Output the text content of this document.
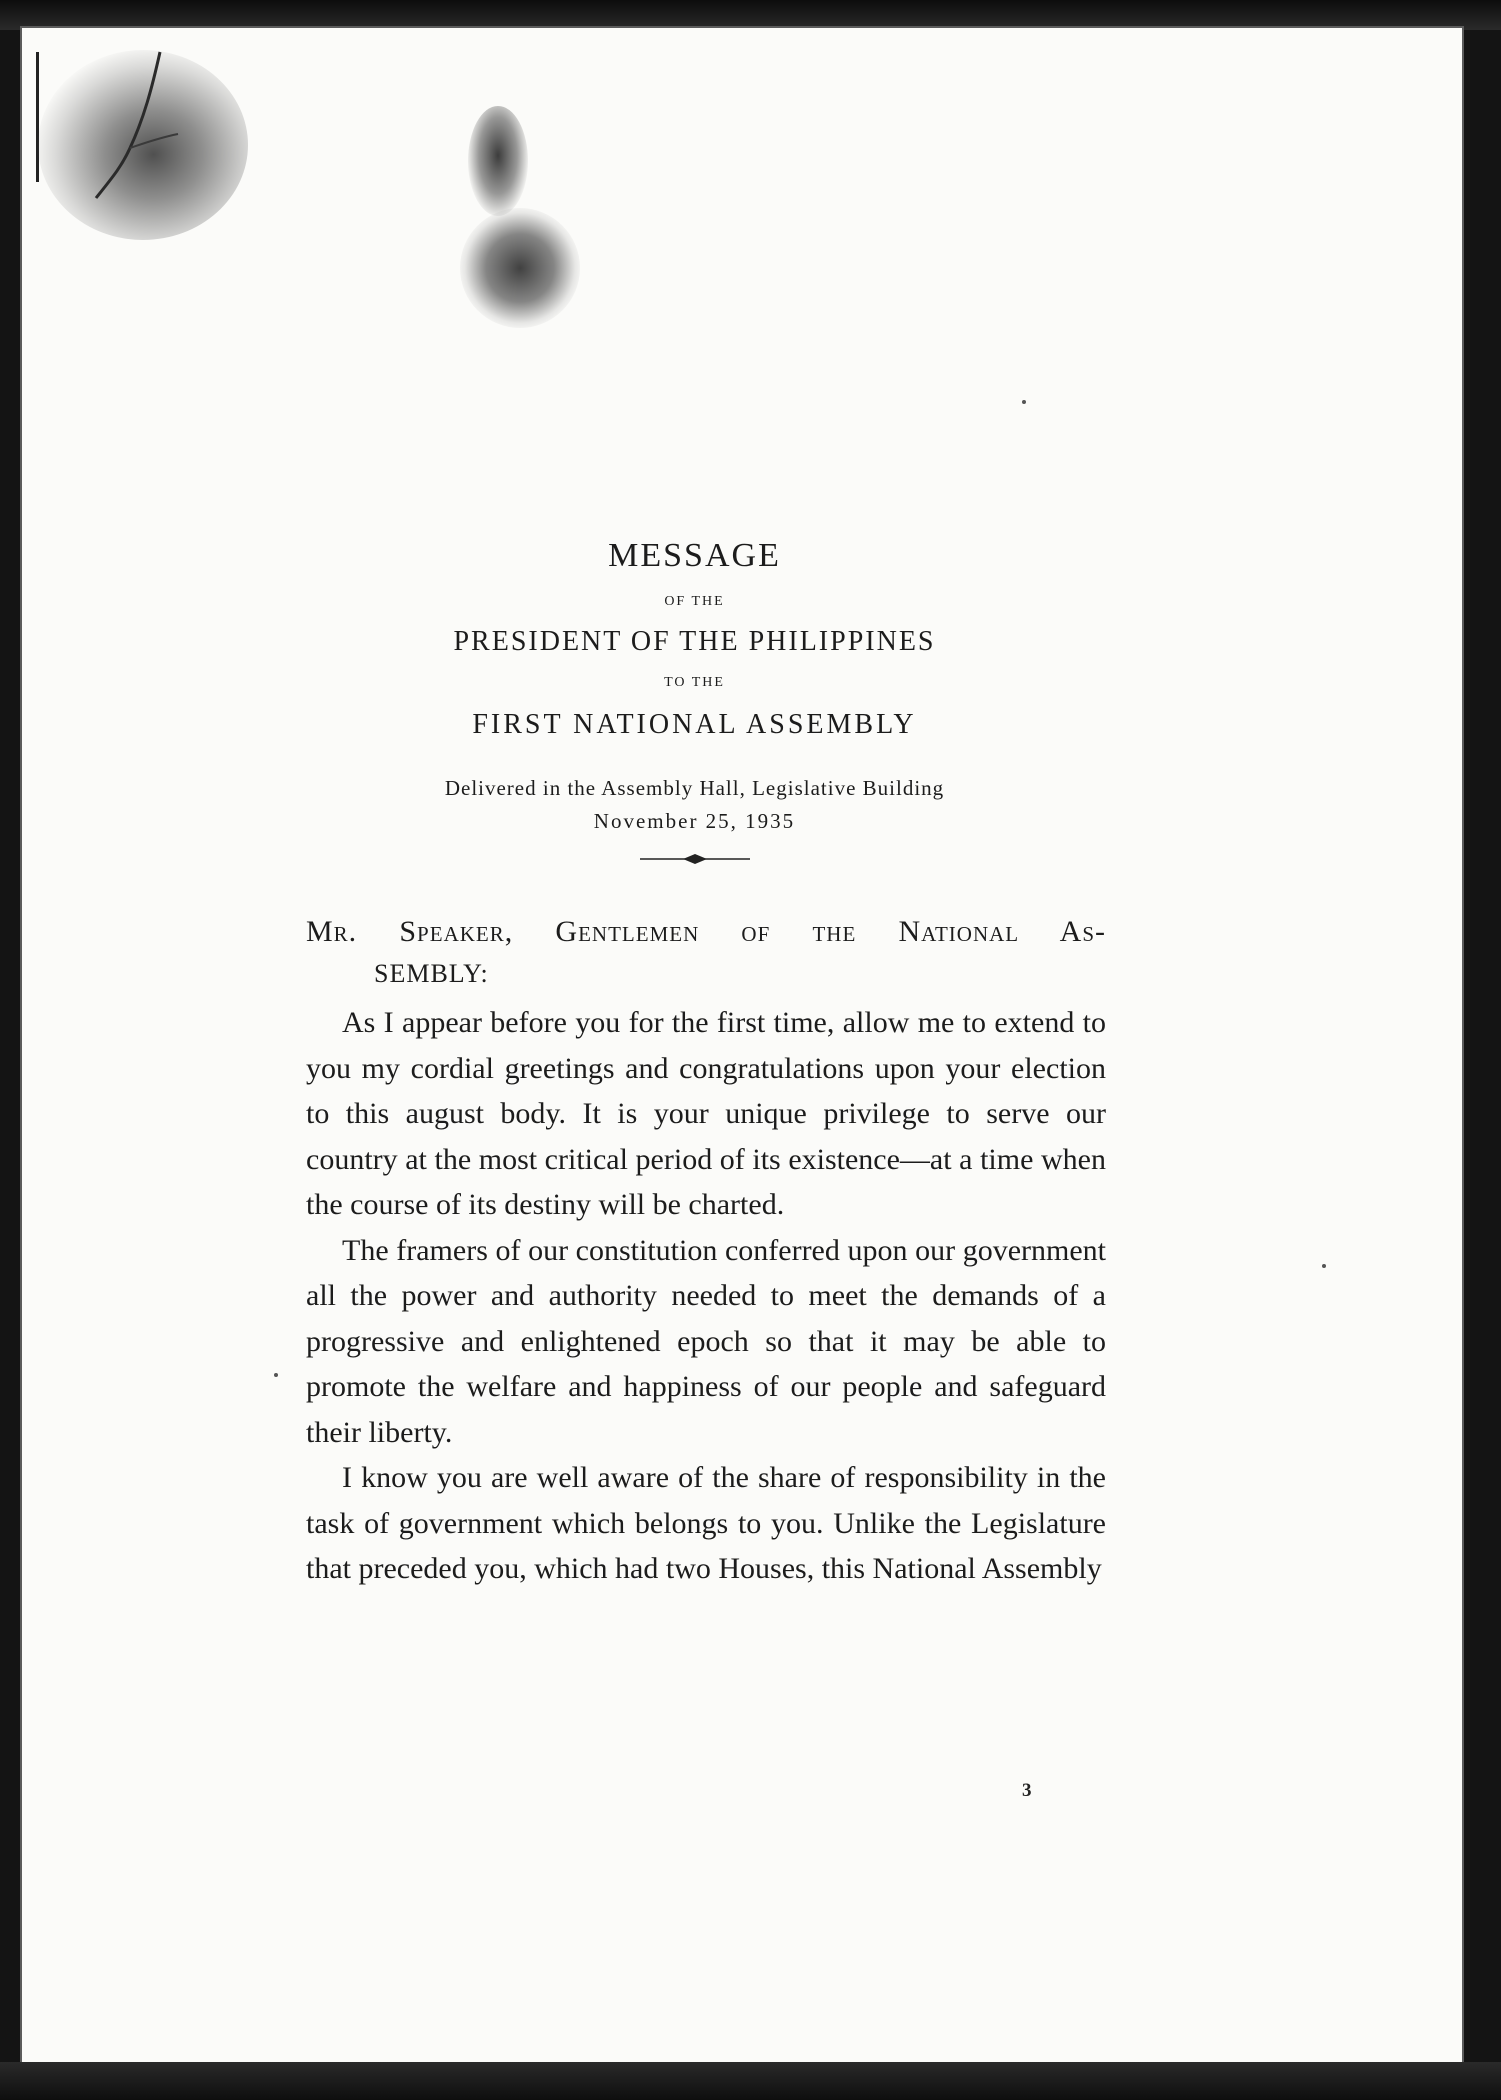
MESSAGE
OF THE
PRESIDENT OF THE PHILIPPINES
TO THE
FIRST NATIONAL ASSEMBLY
Delivered in the Assembly Hall, Legislative Building
November 25, 1935
Mr. Speaker, Gentlemen of the National As-
SEMBLY:

As I appear before you for the first time, allow me to extend to you my cordial greetings and congratulations upon your election to this august body. It is your unique privilege to serve our country at the most critical period of its existence—at a time when the course of its destiny will be charted.

The framers of our constitution conferred upon our government all the power and authority needed to meet the demands of a progressive and enlightened epoch so that it may be able to promote the welfare and happiness of our people and safeguard their liberty.

I know you are well aware of the share of responsibility in the task of government which belongs to you. Unlike the Legislature that preceded you, which had two Houses, this National Assembly

3
